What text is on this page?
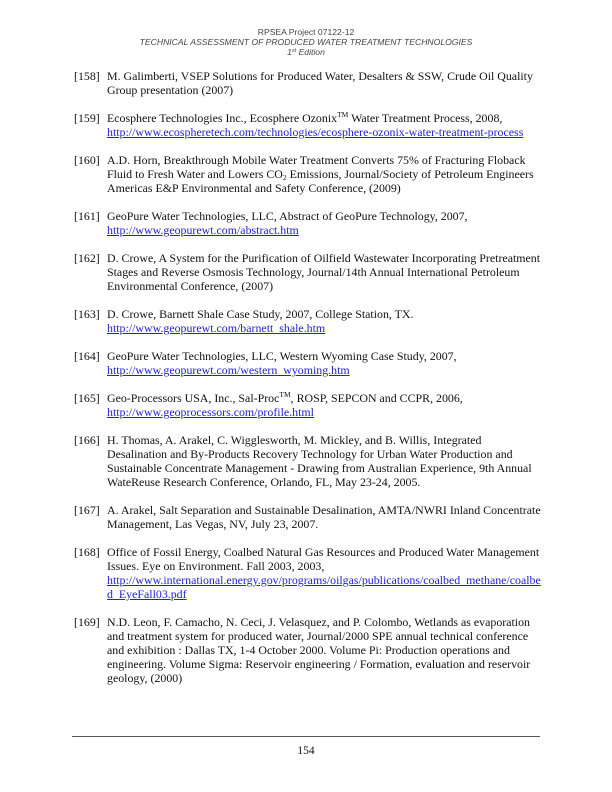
RPSEA Project 07122-12
TECHNICAL ASSESSMENT OF PRODUCED WATER TREATMENT TECHNOLOGIES
1st Edition
[158] M. Galimberti, VSEP Solutions for Produced Water, Desalters & SSW, Crude Oil Quality Group presentation (2007)
[159] Ecosphere Technologies Inc., Ecosphere Ozonix™ Water Treatment Process, 2008,
http://www.ecospheretech.com/technologies/ecosphere-ozonix-water-treatment-process
[160] A.D. Horn, Breakthrough Mobile Water Treatment Converts 75% of Fracturing Floback Fluid to Fresh Water and Lowers $CO_2$ Emissions, Journal/Society of Petroleum Engineers Americas E&P Environmental and Safety Conference, (2009)
[161] GeoPure Water Technologies, LLC, Abstract of GeoPure Technology, 2007,
http://www.geopurewt.com/abstract.htm
[162] D. Crowe, A System for the Purification of Oilfield Wastewater Incorporating Pretreatment Stages and Reverse Osmosis Technology, Journal/14th Annual International Petroleum Environmental Conference, (2007)
[163] D. Crowe, Barnett Shale Case Study, 2007, College Station, TX.
http://www.geopurewt.com/barnett_shale.htm
[164] GeoPure Water Technologies, LLC, Western Wyoming Case Study, 2007,
http://www.geopurewt.com/western_wyoming.htm
[165] Geo-Processors USA, Inc., Sal-Proc™, ROSP, SEPCON and CCPR, 2006,
http://www.geoprocessors.com/profile.html
[166] H. Thomas, A. Arakel, C. Wigglesworth, M. Mickley, and B. Willis, Integrated Desalination and By-Products Recovery Technology for Urban Water Production and Sustainable Concentrate Management - Drawing from Australian Experience, 9th Annual WateReuse Research Conference, Orlando, FL, May 23-24, 2005.
[167] A. Arakel, Salt Separation and Sustainable Desalination, AMTA/NWRI Inland Concentrate Management, Las Vegas, NV, July 23, 2007.
[168] Office of Fossil Energy, Coalbed Natural Gas Resources and Produced Water Management Issues. Eye on Environment. Fall 2003, 2003,
http://www.international.energy.gov/programs/oilgas/publications/coalbed_methane/coalbed_EyeFall03.pdf
[169] N.D. Leon, F. Camacho, N. Ceci, J. Velasquez, and P. Colombo, Wetlands as evaporation and treatment system for produced water, Journal/2000 SPE annual technical conference and exhibition : Dallas TX, 1-4 October 2000. Volume Pi: Production operations and engineering. Volume Sigma: Reservoir engineering / Formation, evaluation and reservoir geology, (2000)
154
